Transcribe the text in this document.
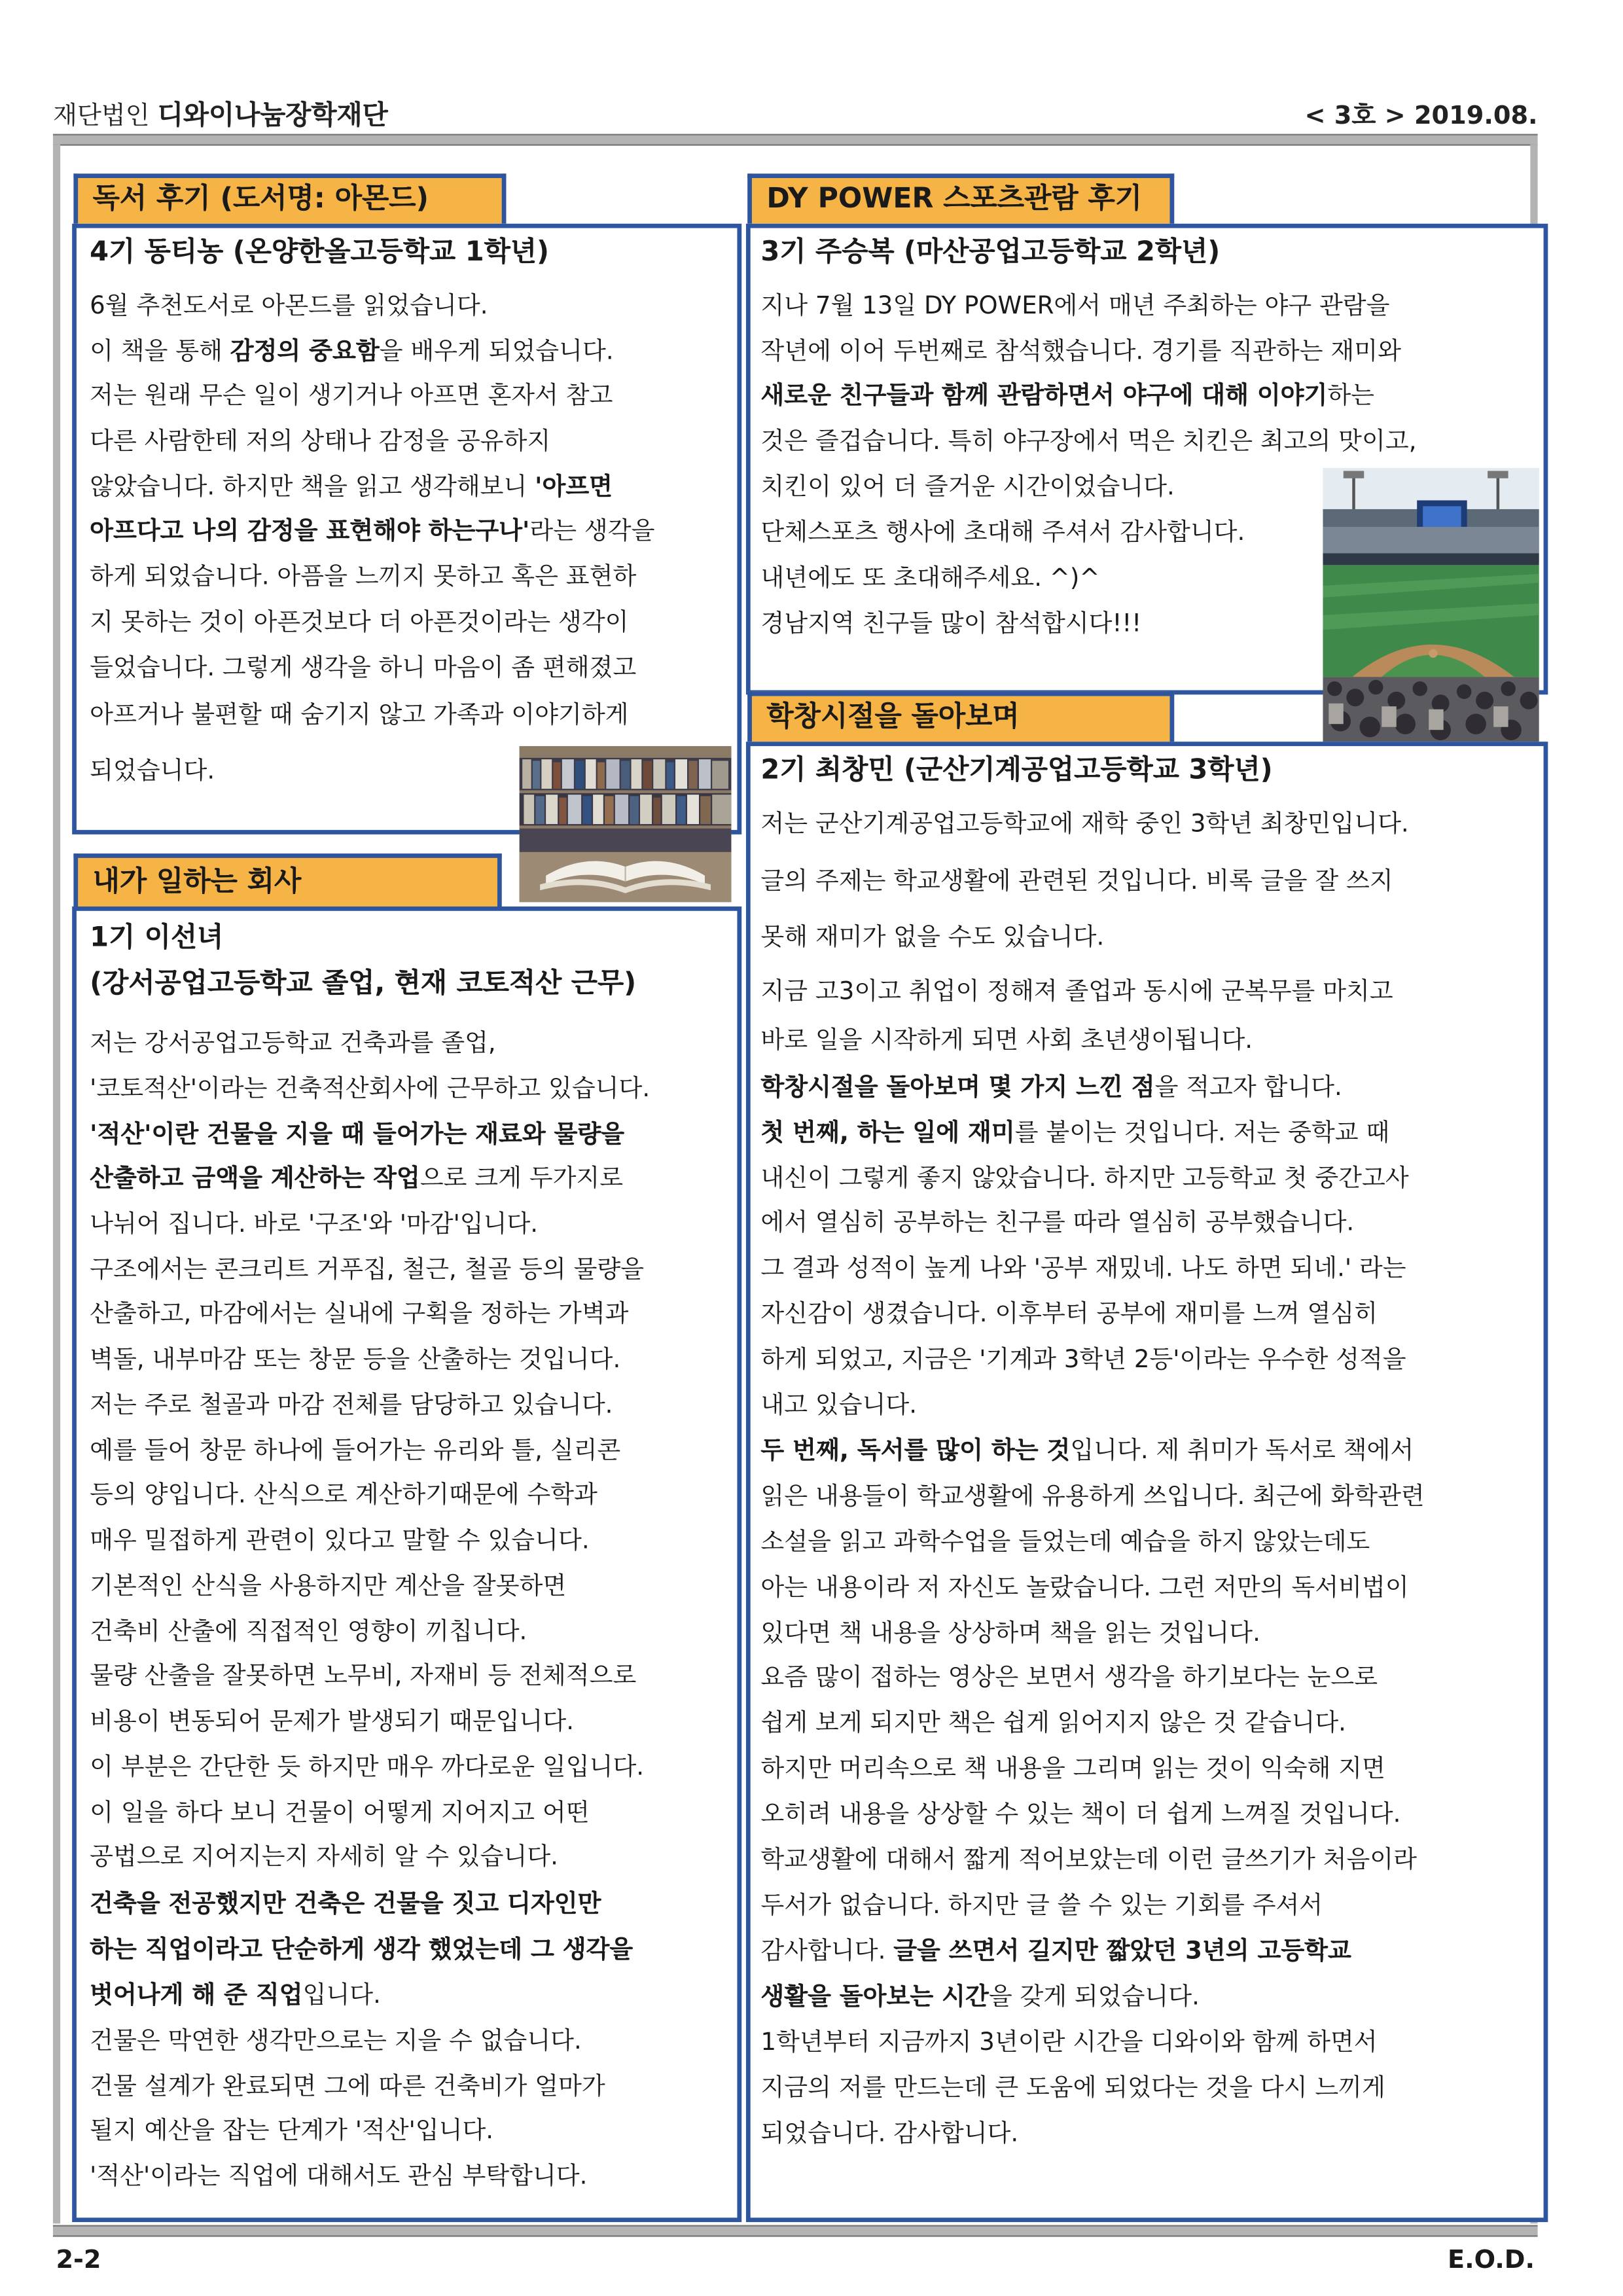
재단법인 디와이나눔장학재단	< 3호 > 2019.08.
독서 후기 (도서명: 아몬드)
4기 동티농 (온양한올고등학교 1학년)
6월 추천도서로 아몬드를 읽었습니다.
이 책을 통해 감정의 중요함을 배우게 되었습니다.
저는 원래 무슨 일이 생기거나 아프면 혼자서 참고
다른 사람한테 저의 상태나 감정을 공유하지
않았습니다. 하지만 책을 읽고 생각해보니 '아프면
아프다고 나의 감정을 표현해야 하는구나'라는 생각을
하게 되었습니다. 아픔을 느끼지 못하고 혹은 표현하
지 못하는 것이 아픈것보다 더 아픈것이라는 생각이
들었습니다. 그렇게 생각을 하니 마음이 좀 편해졌고
아프거나 불편할 때 숨기지 않고 가족과 이야기하게
되었습니다.
내가 일하는 회사
1기 이선녀
(강서공업고등학교 졸업, 현재 코토적산 근무)
저는 강서공업고등학교 건축과를 졸업,
'코토적산'이라는 건축적산회사에 근무하고 있습니다.
'적산'이란 건물을 지을 때 들어가는 재료와 물량을
산출하고 금액을 계산하는 작업으로 크게 두가지로
나뉘어 집니다. 바로 '구조'와 '마감'입니다.
구조에서는 콘크리트 거푸집, 철근, 철골 등의 물량을
산출하고, 마감에서는 실내에 구획을 정하는 가벽과
벽돌, 내부마감 또는 창문 등을 산출하는 것입니다.
저는 주로 철골과 마감 전체를 담당하고 있습니다.
예를 들어 창문 하나에 들어가는 유리와 틀, 실리콘
등의 양입니다. 산식으로 계산하기때문에 수학과
매우 밀접하게 관련이 있다고 말할 수 있습니다.
기본적인 산식을 사용하지만 계산을 잘못하면
건축비 산출에 직접적인 영향이 끼칩니다.
물량 산출을 잘못하면 노무비, 자재비 등 전체적으로
비용이 변동되어 문제가 발생되기 때문입니다.
이 부분은 간단한 듯 하지만 매우 까다로운 일입니다.
이 일을 하다 보니 건물이 어떻게 지어지고 어떤
공법으로 지어지는지 자세히 알 수 있습니다.
건축을 전공했지만 건축은 건물을 짓고 디자인만
하는 직업이라고 단순하게 생각 했었는데 그 생각을
벗어나게 해 준 직업입니다.
건물은 막연한 생각만으로는 지을 수 없습니다.
건물 설계가 완료되면 그에 따른 건축비가 얼마가
될지 예산을 잡는 단계가 '적산'입니다.
'적산'이라는 직업에 대해서도 관심 부탁합니다.
DY POWER 스포츠관람 후기
3기 주승복 (마산공업고등학교 2학년)
지나 7월 13일 DY POWER에서 매년 주최하는 야구 관람을
작년에 이어 두번째로 참석했습니다. 경기를 직관하는 재미와
새로운 친구들과 함께 관람하면서 야구에 대해 이야기하는
것은 즐겁습니다. 특히 야구장에서 먹은 치킨은 최고의 맛이고,
치킨이 있어 더 즐거운 시간이었습니다.
단체스포츠 행사에 초대해 주셔서 감사합니다.
내년에도 또 초대해주세요. ^)^
경남지역 친구들 많이 참석합시다!!!
학창시절을 돌아보며
2기 최창민 (군산기계공업고등학교 3학년)
저는 군산기계공업고등학교에 재학 중인 3학년 최창민입니다.
글의 주제는 학교생활에 관련된 것입니다. 비록 글을 잘 쓰지
못해 재미가 없을 수도 있습니다.
지금 고3이고 취업이 정해져 졸업과 동시에 군복무를 마치고
바로 일을 시작하게 되면 사회 초년생이됩니다.
학창시절을 돌아보며 몇 가지 느낀 점을 적고자 합니다.
첫 번째, 하는 일에 재미를 붙이는 것입니다. 저는 중학교 때
내신이 그렇게 좋지 않았습니다. 하지만 고등학교 첫 중간고사
에서 열심히 공부하는 친구를 따라 열심히 공부했습니다.
그 결과 성적이 높게 나와 '공부 재밌네. 나도 하면 되네.' 라는
자신감이 생겼습니다. 이후부터 공부에 재미를 느껴 열심히
하게 되었고, 지금은 '기계과 3학년 2등'이라는 우수한 성적을
내고 있습니다.
두 번째, 독서를 많이 하는 것입니다. 제 취미가 독서로 책에서
읽은 내용들이 학교생활에 유용하게 쓰입니다. 최근에 화학관련
소설을 읽고 과학수업을 들었는데 예습을 하지 않았는데도
아는 내용이라 저 자신도 놀랐습니다. 그런 저만의 독서비법이
있다면 책 내용을 상상하며 책을 읽는 것입니다.
요즘 많이 접하는 영상은 보면서 생각을 하기보다는 눈으로
쉽게 보게 되지만 책은 쉽게 읽어지지 않은 것 같습니다.
하지만 머리속으로 책 내용을 그리며 읽는 것이 익숙해 지면
오히려 내용을 상상할 수 있는 책이 더 쉽게 느껴질 것입니다.
학교생활에 대해서 짧게 적어보았는데 이런 글쓰기가 처음이라
두서가 없습니다. 하지만 글 쓸 수 있는 기회를 주셔서
감사합니다. 글을 쓰면서 길지만 짧았던 3년의 고등학교
생활을 돌아보는 시간을 갖게 되었습니다.
1학년부터 지금까지 3년이란 시간을 디와이와 함께 하면서
지금의 저를 만드는데 큰 도움에 되었다는 것을 다시 느끼게
되었습니다. 감사합니다.
2-2	E.O.D.
